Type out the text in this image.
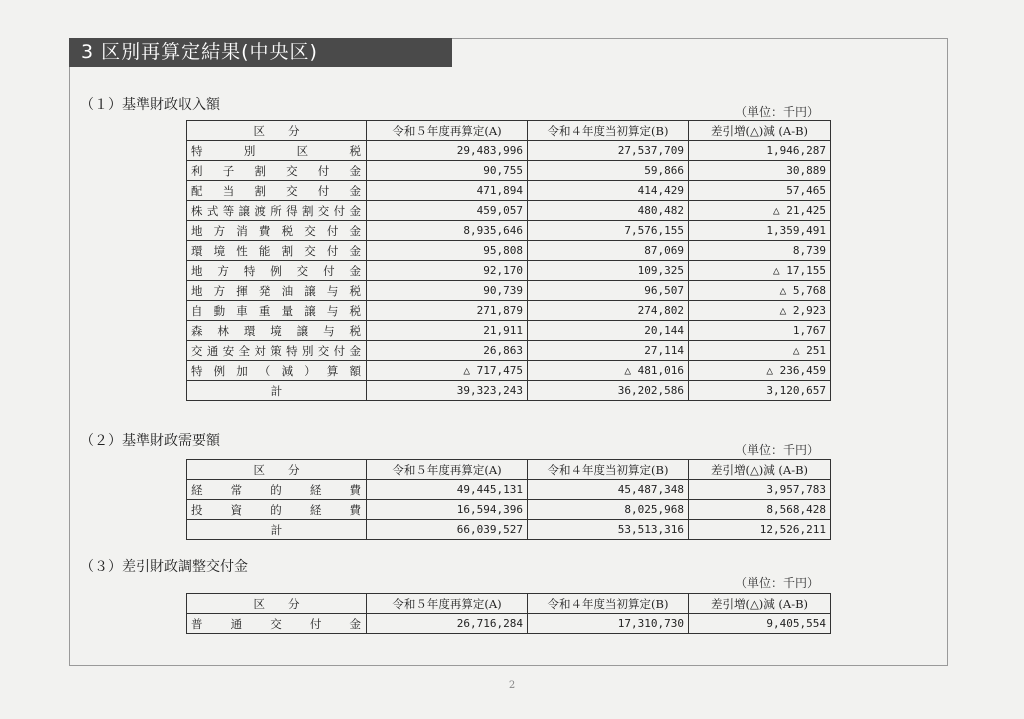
3 区別再算定結果(中央区)
（１）基準財政収入額	（単位：千円）
区　　分	令和５年度再算定(A)	令和４年度当初算定(B)	差引増(△)減 (A-B)
特別区税	29,483,996	27,537,709	1,946,287
利子割交付金	90,755	59,866	30,889
配当割交付金	471,894	414,429	57,465
株式等譲渡所得割交付金	459,057	480,482	△ 21,425
地方消費税交付金	8,935,646	7,576,155	1,359,491
環境性能割交付金	95,808	87,069	8,739
地方特例交付金	92,170	109,325	△ 17,155
地方揮発油譲与税	90,739	96,507	△ 5,768
自動車重量譲与税	271,879	274,802	△ 2,923
森林環境譲与税	21,911	20,144	1,767
交通安全対策特別交付金	26,863	27,114	△ 251
特例加（減）算額	△ 717,475	△ 481,016	△ 236,459
計	39,323,243	36,202,586	3,120,657
（２）基準財政需要額
（単位：千円）
区　　分	令和５年度再算定(A)	令和４年度当初算定(B)	差引増(△)減 (A-B)
経常的経費	49,445,131	45,487,348	3,957,783
投資的経費	16,594,396	8,025,968	8,568,428
計	66,039,527	53,513,316	12,526,211
（３）差引財政調整交付金
（単位：千円）
区　　分	令和５年度再算定(A)	令和４年度当初算定(B)	差引増(△)減 (A-B)
普通交付金	26,716,284	17,310,730	9,405,554
2
